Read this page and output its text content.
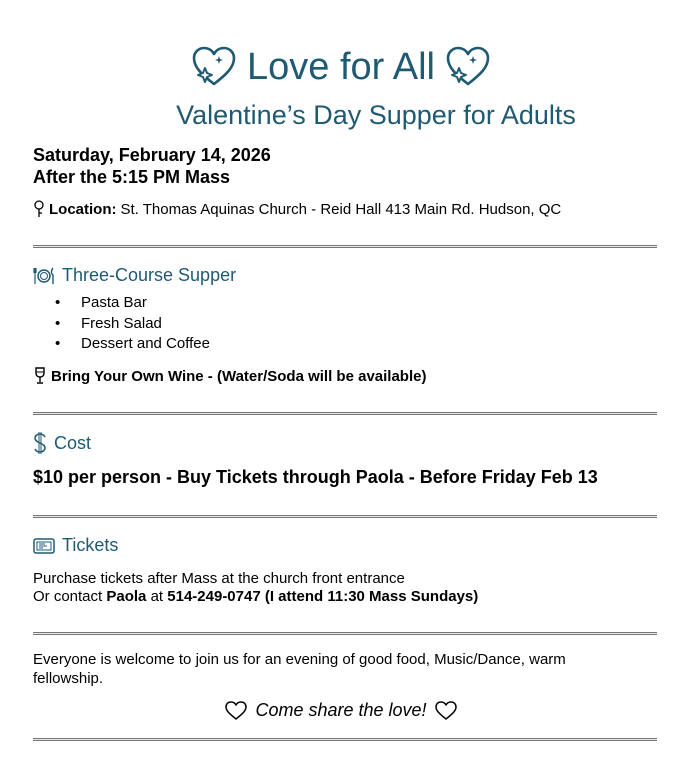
Love for All
Valentine’s Day Supper for Adults
Saturday, February 14, 2026
After the 5:15 PM Mass
Location: St. Thomas Aquinas Church - Reid Hall 413 Main Rd. Hudson, QC
Three-Course Supper
•	Pasta Bar
•	Fresh Salad
•	Dessert and Coffee
Bring Your Own Wine - (Water/Soda will be available)
Cost
$10 per person - Buy Tickets through Paola - Before Friday Feb 13
Tickets
Purchase tickets after Mass at the church front entrance
Or contact Paola at 514-249-0747 (I attend 11:30 Mass Sundays)
Everyone is welcome to join us for an evening of good food, Music/Dance, warm fellowship.
Come share the love!
